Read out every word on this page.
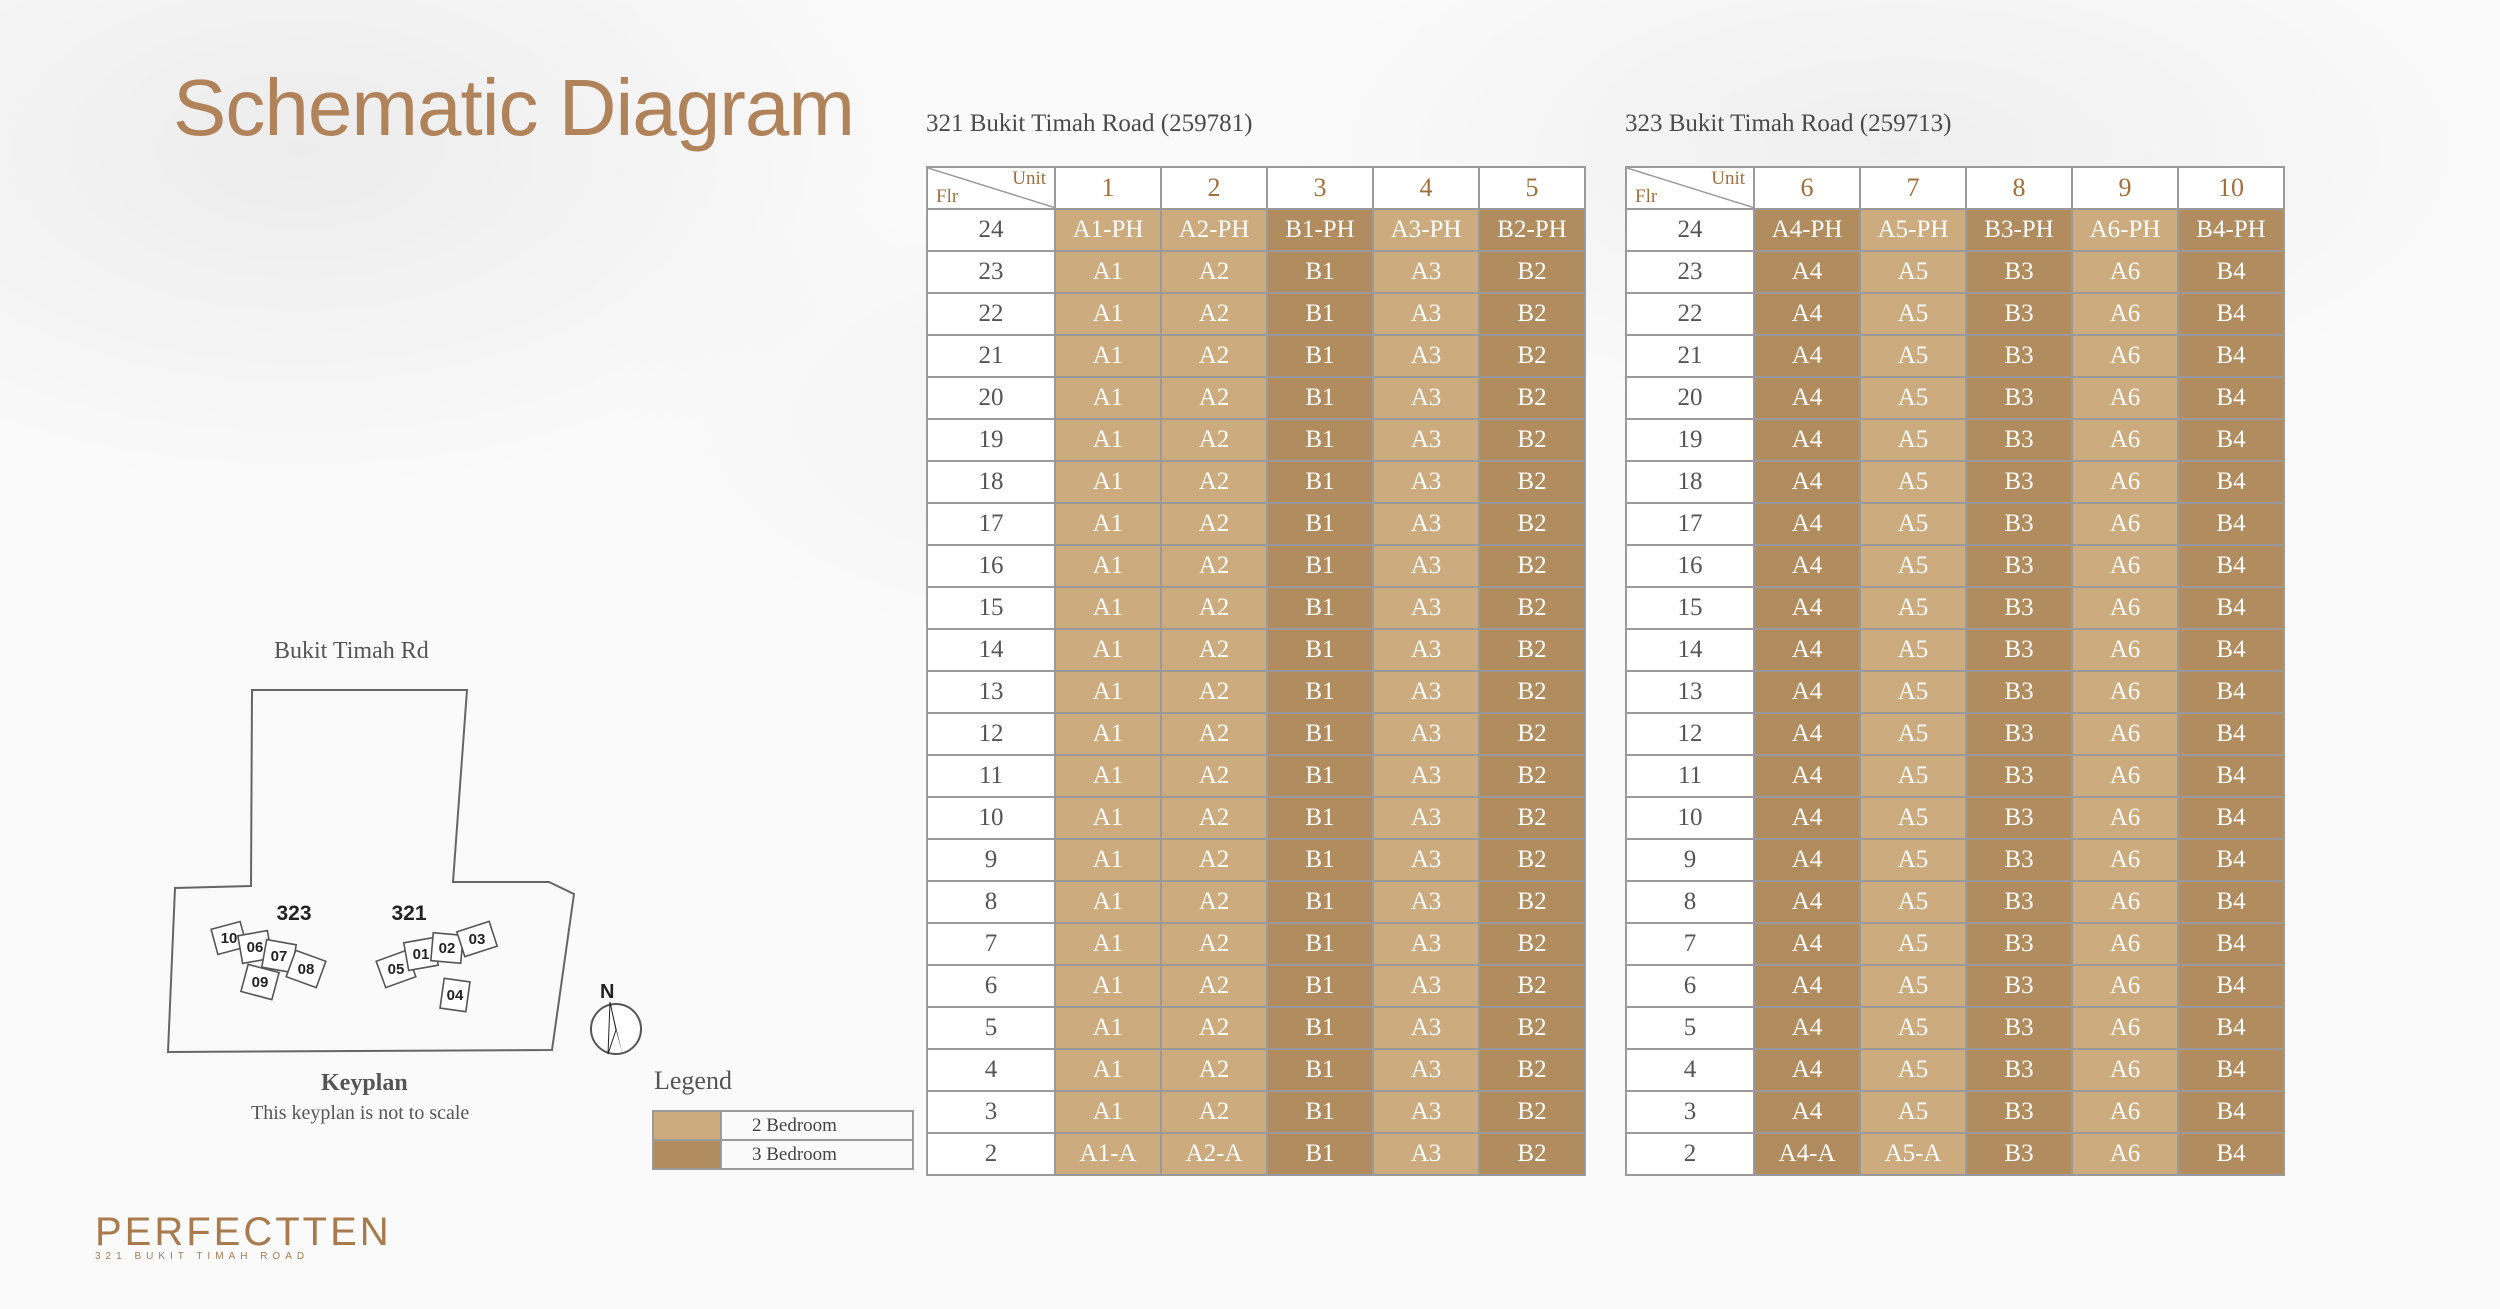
Schematic Diagram	321 Bukit Timah Road (259781)	323 Bukit Timah Road (259713)
Unit
Flr	1	2	3	4	5
24	A1-PH	A2-PH	B1-PH	A3-PH	B2-PH
23	A1	A2	B1	A3	B2
22	A1	A2	B1	A3	B2
21	A1	A2	B1	A3	B2
20	A1	A2	B1	A3	B2
19	A1	A2	B1	A3	B2
18	A1	A2	B1	A3	B2
17	A1	A2	B1	A3	B2
16	A1	A2	B1	A3	B2
15	A1	A2	B1	A3	B2
14	A1	A2	B1	A3	B2
13	A1	A2	B1	A3	B2
12	A1	A2	B1	A3	B2
11	A1	A2	B1	A3	B2
10	A1	A2	B1	A3	B2
9	A1	A2	B1	A3	B2
8	A1	A2	B1	A3	B2
7	A1	A2	B1	A3	B2
6	A1	A2	B1	A3	B2
5	A1	A2	B1	A3	B2
4	A1	A2	B1	A3	B2
3	A1	A2	B1	A3	B2
2	A1-A	A2-A	B1	A3	B2
Unit
Flr	6	7	8	9	10
24	A4-PH	A5-PH	B3-PH	A6-PH	B4-PH
23	A4	A5	B3	A6	B4
22	A4	A5	B3	A6	B4
21	A4	A5	B3	A6	B4
20	A4	A5	B3	A6	B4
19	A4	A5	B3	A6	B4
18	A4	A5	B3	A6	B4
17	A4	A5	B3	A6	B4
16	A4	A5	B3	A6	B4
15	A4	A5	B3	A6	B4
14	A4	A5	B3	A6	B4
13	A4	A5	B3	A6	B4
12	A4	A5	B3	A6	B4
11	A4	A5	B3	A6	B4
10	A4	A5	B3	A6	B4
9	A4	A5	B3	A6	B4
8	A4	A5	B3	A6	B4
7	A4	A5	B3	A6	B4
6	A4	A5	B3	A6	B4
5	A4	A5	B3	A6	B4
4	A4	A5	B3	A6	B4
3	A4	A5	B3	A6	B4
2	A4-A	A5-A	B3	A6	B4
Bukit Timah Rd
10
06
07
08
09
05
01 02
03
04
323	321
N
Keyplan
This keyplan is not to scale
Legend
	2 Bedroom
	3 Bedroom
PERFECTTEN
321 BUKIT TIMAH ROAD
